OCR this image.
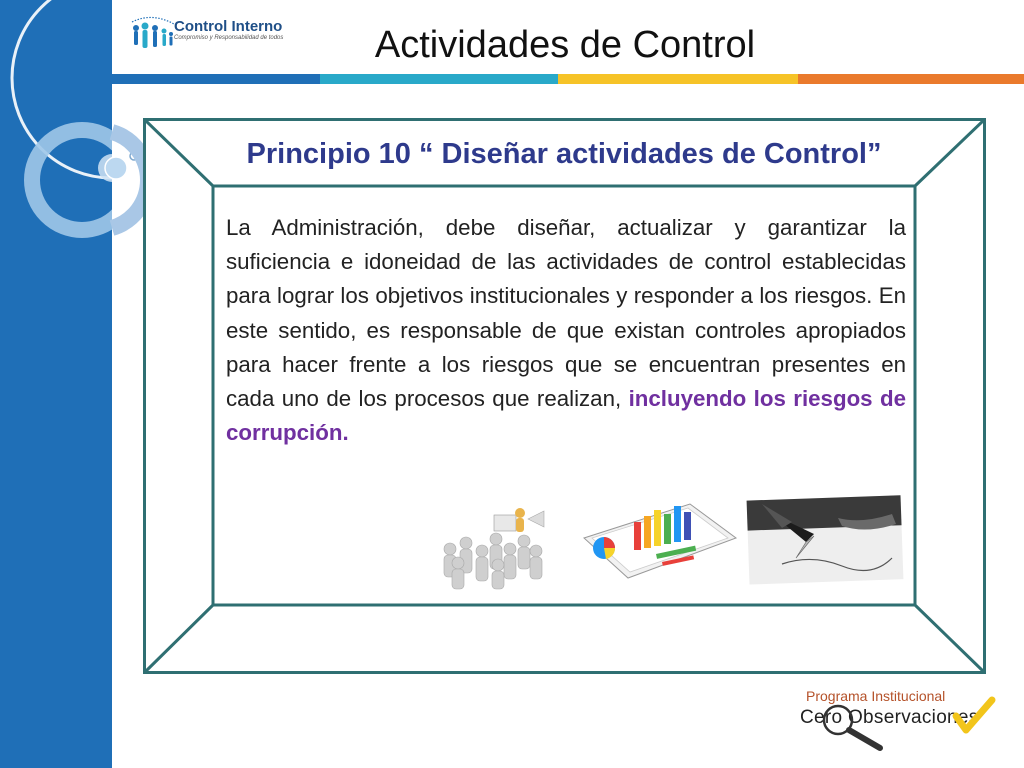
Control Interno
Compromiso y Responsabilidad de todos	Actividades de Control
Principio 10 “ Diseñar actividades de Control”

La Administración, debe diseñar, actualizar y garantizar la suficiencia e idoneidad de las actividades de control establecidas para lograr los objetivos institucionales y responder a los riesgos. En este sentido, es responsable de que existan controles apropiados para hacer frente a los riesgos que se encuentran presentes en cada uno de los procesos que realizan, incluyendo los riesgos de corrupción.

Programa Institucional
Cero Observaciones
